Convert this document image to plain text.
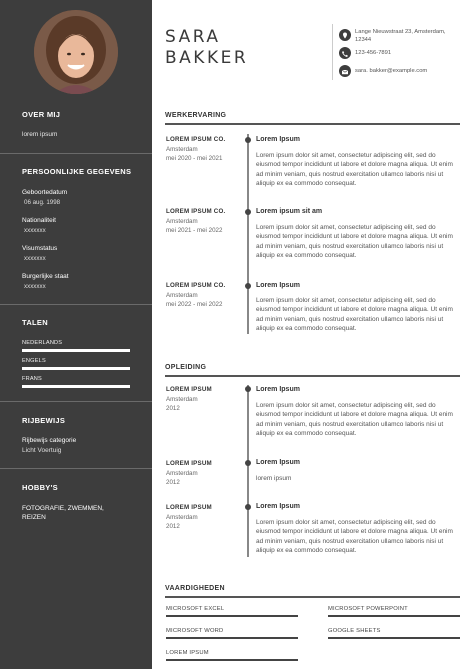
OVER MIJ
lorem ipsum
PERSOONLIJKE GEGEVENS
Geboortedatum
06 aug. 1998
Nationaliteit
xxxxxxx
Visumstatus
xxxxxxx
Burgerlijke staat
xxxxxxx
TALEN
NEDERLANDS
ENGELS
FRANS
RIJBEWIJS
Rijbewijs categorie
Licht Voertuig
HOBBY'S
FOTOGRAFIE, ZWEMMEN,
REIZEN
SARA
BAKKER
Lange Nieuwstraat 23, Amsterdam, 12344
123-456-7891
sara. bakker@example.com
WERKERVARING
LOREM IPSUM CO.
Amsterdam
mei 2020 - mei 2021
Lorem Ipsum
Lorem ipsum dolor sit amet, consectetur adipiscing elit, sed do eiusmod tempor incididunt ut labore et dolore magna aliqua. Ut enim ad minim veniam, quis nostrud exercitation ullamco laboris nisi ut aliquip ex ea commodo consequat.
LOREM IPSUM CO.
Amsterdam
mei 2021 - mei 2022
Lorem ipsum sit am
Lorem ipsum dolor sit amet, consectetur adipiscing elit, sed do eiusmod tempor incididunt ut labore et dolore magna aliqua. Ut enim ad minim veniam, quis nostrud exercitation ullamco laboris nisi ut aliquip ex ea commodo consequat.
LOREM IPSUM CO.
Amsterdam
mei 2022 - mei 2022
Lorem Ipsum
Lorem ipsum dolor sit amet, consectetur adipiscing elit, sed do eiusmod tempor incididunt ut labore et dolore magna aliqua. Ut enim ad minim veniam, quis nostrud exercitation ullamco laboris nisi ut aliquip ex ea commodo consequat.
OPLEIDING
LOREM IPSUM
Amsterdam
2012
Lorem Ipsum
Lorem ipsum dolor sit amet, consectetur adipiscing elit, sed do eiusmod tempor incididunt ut labore et dolore magna aliqua. Ut enim ad minim veniam, quis nostrud exercitation ullamco laboris nisi ut aliquip ex ea commodo consequat.
LOREM IPSUM
Amsterdam
2012
Lorem Ipsum
lorem ipsum
LOREM IPSUM
Amsterdam
2012
Lorem Ipsum
Lorem ipsum dolor sit amet, consectetur adipiscing elit, sed do eiusmod tempor incididunt ut labore et dolore magna aliqua. Ut enim ad minim veniam, quis nostrud exercitation ullamco laboris nisi ut aliquip ex ea commodo consequat.
VAARDIGHEDEN
MICROSOFT EXCEL	MICROSOFT POWERPOINT
MICROSOFT WORD	GOOGLE SHEETS
LOREM IPSUM
